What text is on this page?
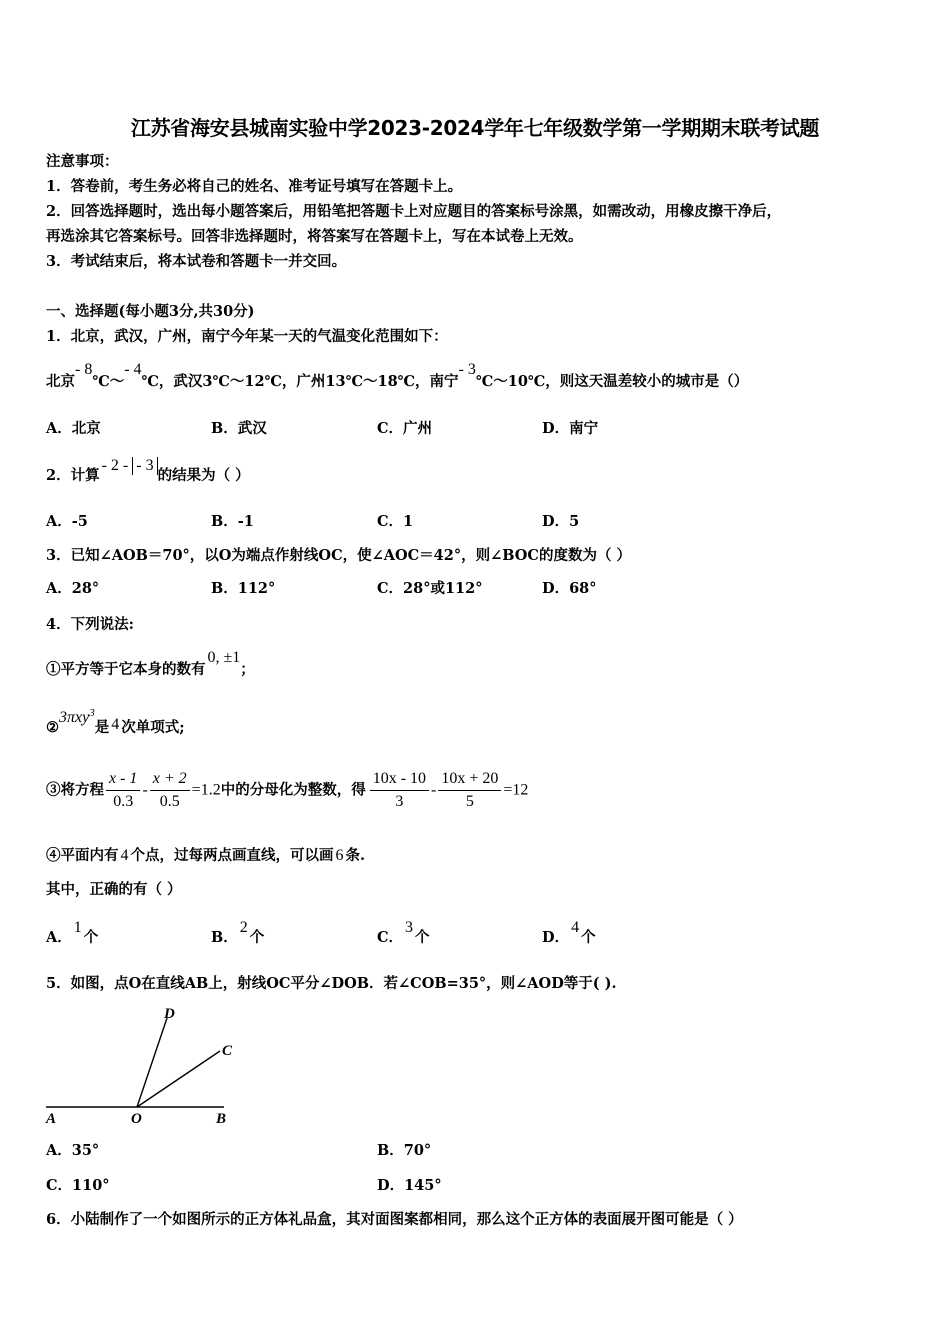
江苏省海安县城南实验中学2023-2024学年七年级数学第一学期期末联考试题
注意事项：
1．答卷前，考生务必将自己的姓名、准考证号填写在答题卡上。
2．回答选择题时，选出每小题答案后，用铅笔把答题卡上对应题目的答案标号涂黑，如需改动，用橡皮擦干净后，
再选涂其它答案标号。回答非选择题时，将答案写在答题卡上，写在本试卷上无效。
3．考试结束后，将本试卷和答题卡一并交回。
一、选择题(每小题3分,共30分)
1．北京，武汉，广州，南宁今年某一天的气温变化范围如下：
北京- 8℃～- 4℃，武汉3℃～12℃，广州13℃～18℃，南宁- 3℃～10℃，则这天温差较小的城市是（）
A．北京	B．武汉	C．广州	D．南宁
2．计算- 2 - - 3的结果为（ ）
A．-5	B．-1	C．1	D．5
3．已知∠AOB＝70°，以O为端点作射线OC，使∠AOC＝42°，则∠BOC的度数为（ ）
A．28°	B．112°	C．28°或112°	D．68°
4．下列说法:
①平方等于它本身的数有0, ±1；
②3πxy$^3$是 4 次单项式;
③将方程 $\frac{x - 1}{0.3} - \frac{x + 2}{0.5} =1.2$中的分母化为整数，得 $\frac{10x - 10}{3} - \frac{10x + 20}{5} =12$
④平面内有 4 个点，过每两点画直线，可以画 6 条.
其中，正确的有（ ）
A．1个	B．2个	C．3个	D．4个
5．如图，点O在直线AB上，射线OC平分∠DOB．若∠COB=35°，则∠AOD等于( ).
A	O	B
C
D
A．35°	B．70°
C．110°	D．145°
6．小陆制作了一个如图所示的正方体礼品盒，其对面图案都相同，那么这个正方体的表面展开图可能是（ ）
